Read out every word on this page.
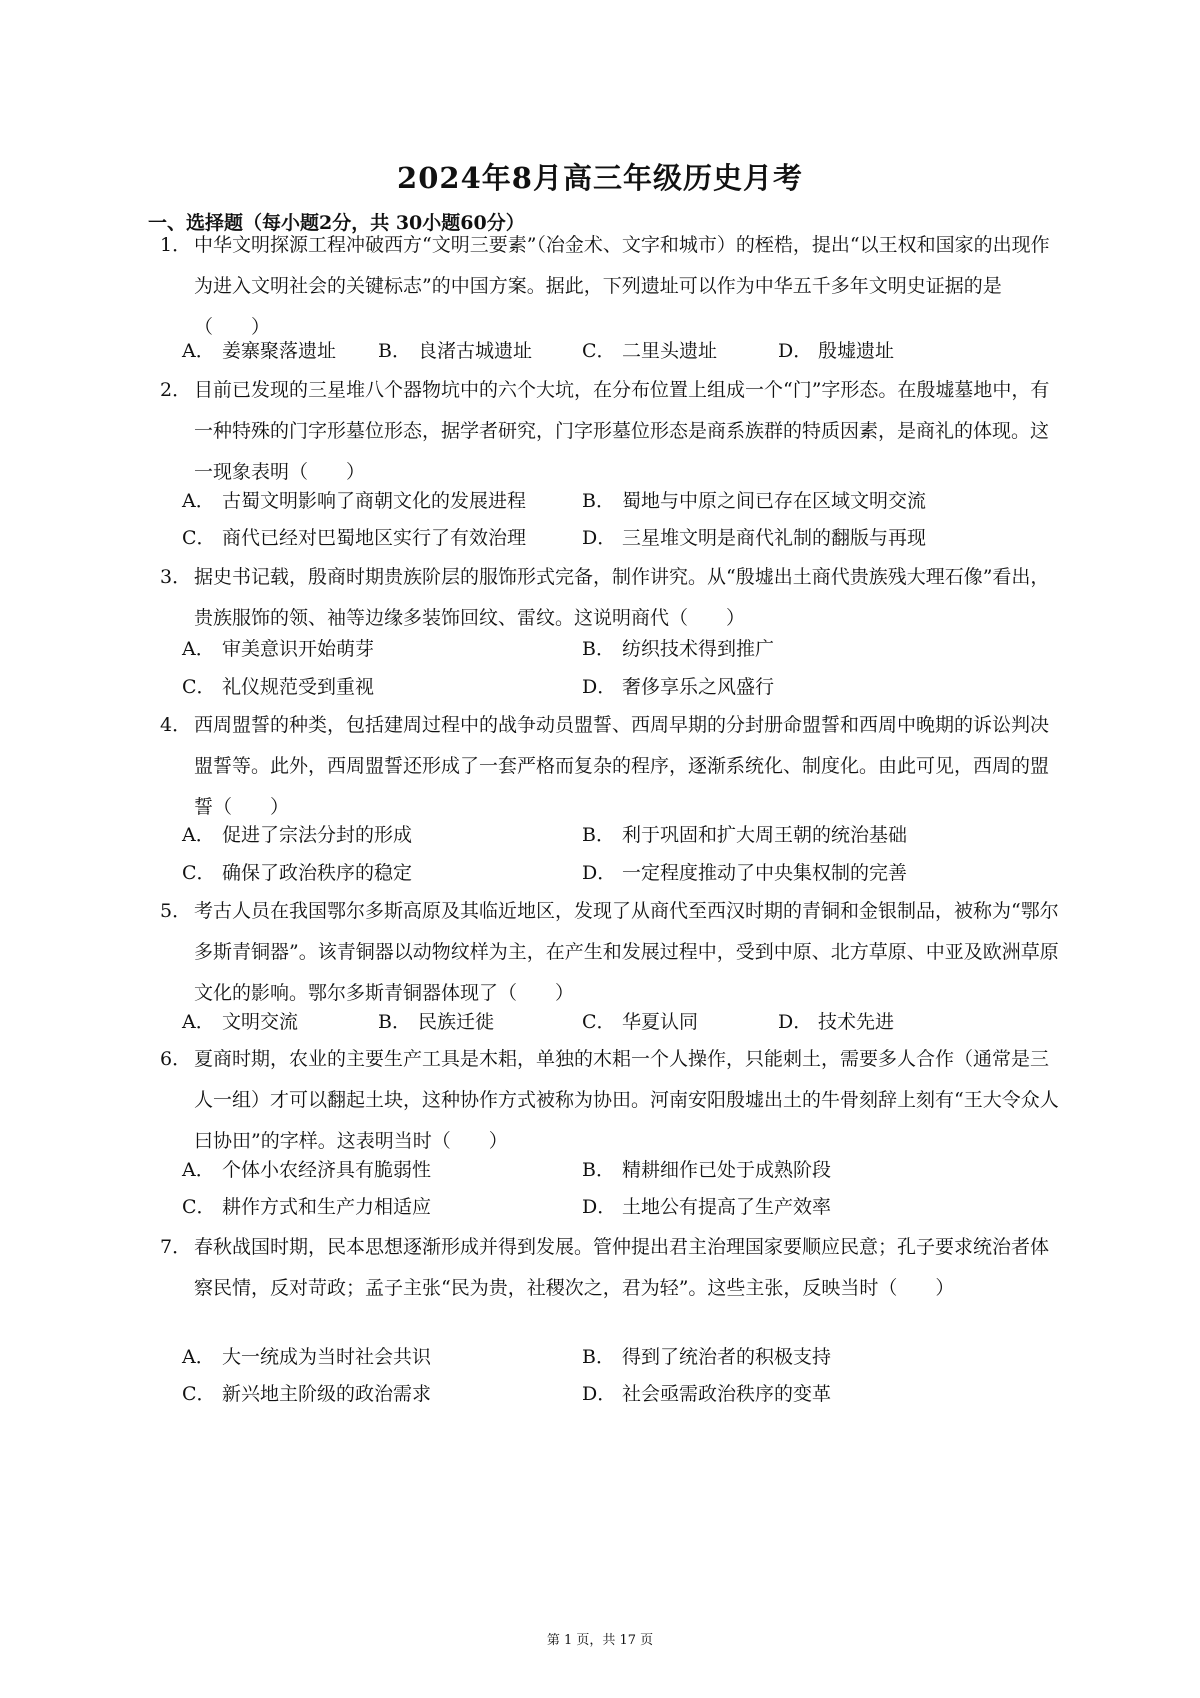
2024年8月高三年级历史月考
一、选择题（每小题2分，共 30小题60分）
1． 中华文明探源工程冲破西方“文明三要素”（冶金术、文字和城市）的桎梏，提出“以王权和国家的出现作为进入文明社会的关键标志”的中国方案。据此，下列遗址可以作为中华五千多年文明史证据的是（　　）
A． 姜寨聚落遗址 B． 良渚古城遗址	C． 二里头遗址	D． 殷墟遗址
2． 目前已发现的三星堆八个器物坑中的六个大坑，在分布位置上组成一个“门”字形态。在殷墟墓地中，有一种特殊的门字形墓位形态，据学者研究，门字形墓位形态是商系族群的特质因素，是商礼的体现。这一现象表明（　　）
A． 古蜀文明影响了商朝文化的发展进程	B． 蜀地与中原之间已存在区域文明交流
C． 商代已经对巴蜀地区实行了有效治理	D． 三星堆文明是商代礼制的翻版与再现
3． 据史书记载，殷商时期贵族阶层的服饰形式完备，制作讲究。从“殷墟出土商代贵族残大理石像”看出，贵族服饰的领、袖等边缘多装饰回纹、雷纹。这说明商代（　　）
A． 审美意识开始萌芽	B． 纺织技术得到推广
C． 礼仪规范受到重视	D． 奢侈享乐之风盛行
4． 西周盟誓的种类，包括建周过程中的战争动员盟誓、西周早期的分封册命盟誓和西周中晚期的诉讼判决盟誓等。此外，西周盟誓还形成了一套严格而复杂的程序，逐渐系统化、制度化。由此可见，西周的盟誓（　　）
A． 促进了宗法分封的形成	B． 利于巩固和扩大周王朝的统治基础
C． 确保了政治秩序的稳定	D． 一定程度推动了中央集权制的完善
5． 考古人员在我国鄂尔多斯高原及其临近地区，发现了从商代至西汉时期的青铜和金银制品，被称为“鄂尔多斯青铜器”。该青铜器以动物纹样为主，在产生和发展过程中，受到中原、北方草原、中亚及欧洲草原文化的影响。鄂尔多斯青铜器体现了（　　）
A． 文明交流	B． 民族迁徙	C． 华夏认同	D． 技术先进
6． 夏商时期，农业的主要生产工具是木耜，单独的木耜一个人操作，只能刺土，需要多人合作（通常是三人一组）才可以翻起土块，这种协作方式被称为协田。河南安阳殷墟出土的牛骨刻辞上刻有“王大令众人曰协田”的字样。这表明当时（　　）
A． 个体小农经济具有脆弱性	B． 精耕细作已处于成熟阶段
C． 耕作方式和生产力相适应	D． 土地公有提高了生产效率
7． 春秋战国时期，民本思想逐渐形成并得到发展。管仲提出君主治理国家要顺应民意；孔子要求统治者体察民情，反对苛政；孟子主张“民为贵，社稷次之，君为轻”。这些主张，反映当时（　　）
A． 大一统成为当时社会共识	B． 得到了统治者的积极支持
C． 新兴地主阶级的政治需求	D． 社会亟需政治秩序的变革
第 1 页，共 17 页
